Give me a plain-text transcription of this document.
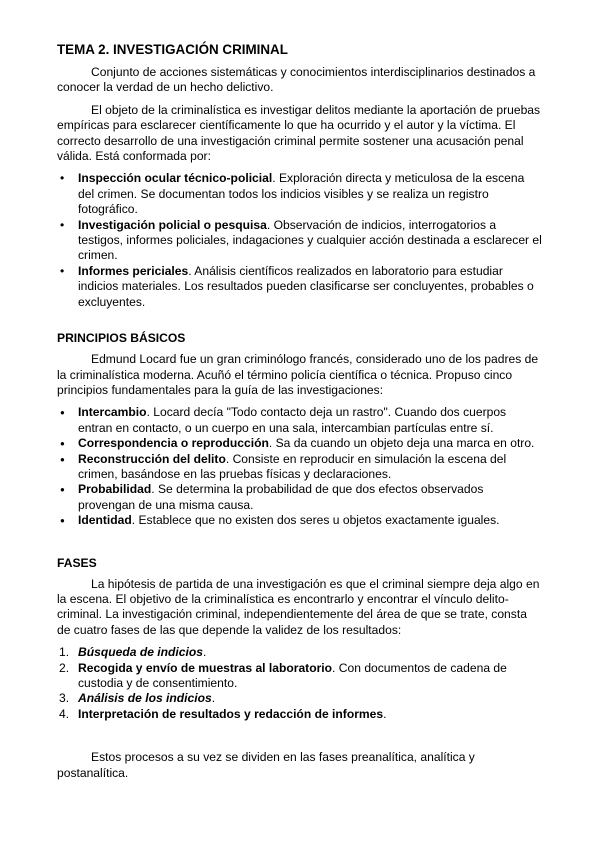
TEMA 2. INVESTIGACIÓN CRIMINAL

Conjunto de acciones sistemáticas y conocimientos interdisciplinarios destinados a conocer la verdad de un hecho delictivo.

El objeto de la criminalística es investigar delitos mediante la aportación de pruebas empíricas para esclarecer científicamente lo que ha ocurrido y el autor y la víctima. El correcto desarrollo de una investigación criminal permite sostener una acusación penal válida. Está conformada por:

• Inspección ocular técnico-policial. Exploración directa y meticulosa de la escena del crimen. Se documentan todos los indicios visibles y se realiza un registro fotográfico.
• Investigación policial o pesquisa. Observación de indicios, interrogatorios a testigos, informes policiales, indagaciones y cualquier acción destinada a esclarecer el crimen.
• Informes periciales. Análisis científicos realizados en laboratorio para estudiar indicios materiales. Los resultados pueden clasificarse ser concluyentes, probables o excluyentes.
PRINCIPIOS BÁSICOS

Edmund Locard fue un gran criminólogo francés, considerado uno de los padres de la criminalística moderna. Acuñó el término policía científica o técnica. Propuso cinco principios fundamentales para la guía de las investigaciones:

● Intercambio. Locard decía "Todo contacto deja un rastro". Cuando dos cuerpos entran en contacto, o un cuerpo en una sala, intercambian partículas entre sí.
● Correspondencia o reproducción. Sa da cuando un objeto deja una marca en otro.
● Reconstrucción del delito. Consiste en reproducir en simulación la escena del crimen, basándose en las pruebas físicas y declaraciones.
● Probabilidad. Se determina la probabilidad de que dos efectos observados provengan de una misma causa.
● Identidad. Establece que no existen dos seres u objetos exactamente iguales.
FASES

La hipótesis de partida de una investigación es que el criminal siempre deja algo en la escena. El objetivo de la criminalística es encontrarlo y encontrar el vínculo delito-criminal. La investigación criminal, independientemente del área de que se trate, consta de cuatro fases de las que depende la validez de los resultados:

1. Búsqueda de indicios.
2. Recogida y envío de muestras al laboratorio. Con documentos de cadena de custodia y de consentimiento.
3. Análisis de los indicios.
4. Interpretación de resultados y redacción de informes.

Estos procesos a su vez se dividen en las fases preanalítica, analítica y postanalítica.
